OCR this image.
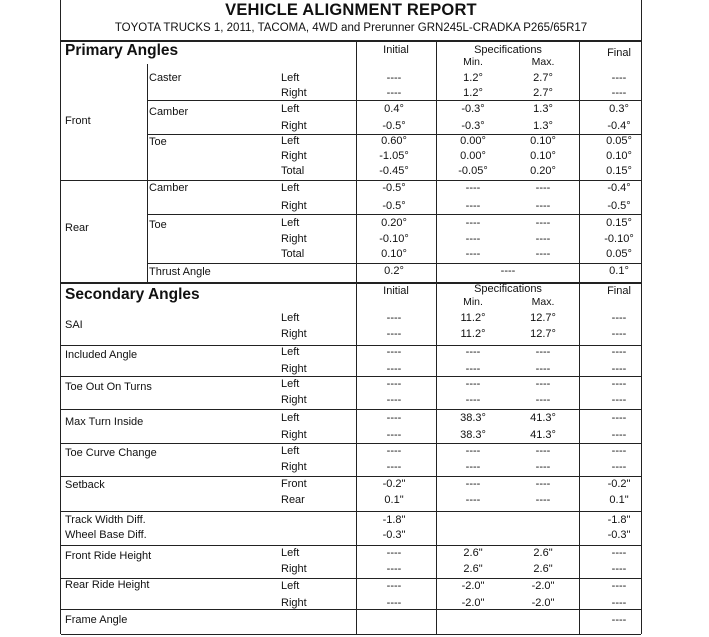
VEHICLE ALIGNMENT REPORT
TOYOTA TRUCKS 1, 2011, TACOMA, 4WD and Prerunner GRN245L-CRADKA P265/65R17
Primary Angles	Initial	Specifications
Min.	Max.
Final
Front
Caster	Left	----	1.2°	2.7°	----
Right	----	1.2°	2.7°	----
Camber	Left	0.4°	-0.3°	1.3°	0.3°
Right	-0.5°	-0.3°	1.3°	-0.4°
Toe	Left	0.60°	0.00°	0.10°	0.05°
Right	-1.05°	0.00°	0.10°	0.10°
Total	-0.45°	-0.05°	0.20°	0.15°
Rear
Camber	Left	-0.5°	----	----	-0.4°
Right	-0.5°	----	----	-0.5°
Toe	Left	0.20°	----	----	0.15°
Right	-0.10°	----	----	-0.10°
Total	0.10°	----	----	0.05°
Thrust Angle	0.2°	----	0.1°
Secondary Angles	Initial	Specifications
Min.	Max.
Final
SAI
Left	----	11.2°	12.7°	----
Right	----	11.2°	12.7°	----
Included Angle	Left	----	----	----	----
Right	----	----	----	----
Toe Out On Turns	Left	----	----	----	----
Right	----	----	----	----
Max Turn Inside	Left	----	38.3°	41.3°	----
Right	----	38.3°	41.3°	----
Toe Curve Change	Left	----	----	----	----
Right	----	----	----	----
Setback	Front	-0.2"	----	----	-0.2"
Rear	0.1"	----	----	0.1"
Track Width Diff.	-1.8"	-1.8"
Wheel Base Diff.	-0.3"	-0.3"
Front Ride Height	Left	----	2.6"	2.6"	----
Right	----	2.6"	2.6"	----
Rear Ride Height	Left	----	-2.0"	-2.0"	----
Right	----	-2.0"	-2.0"	----
Frame Angle	----
